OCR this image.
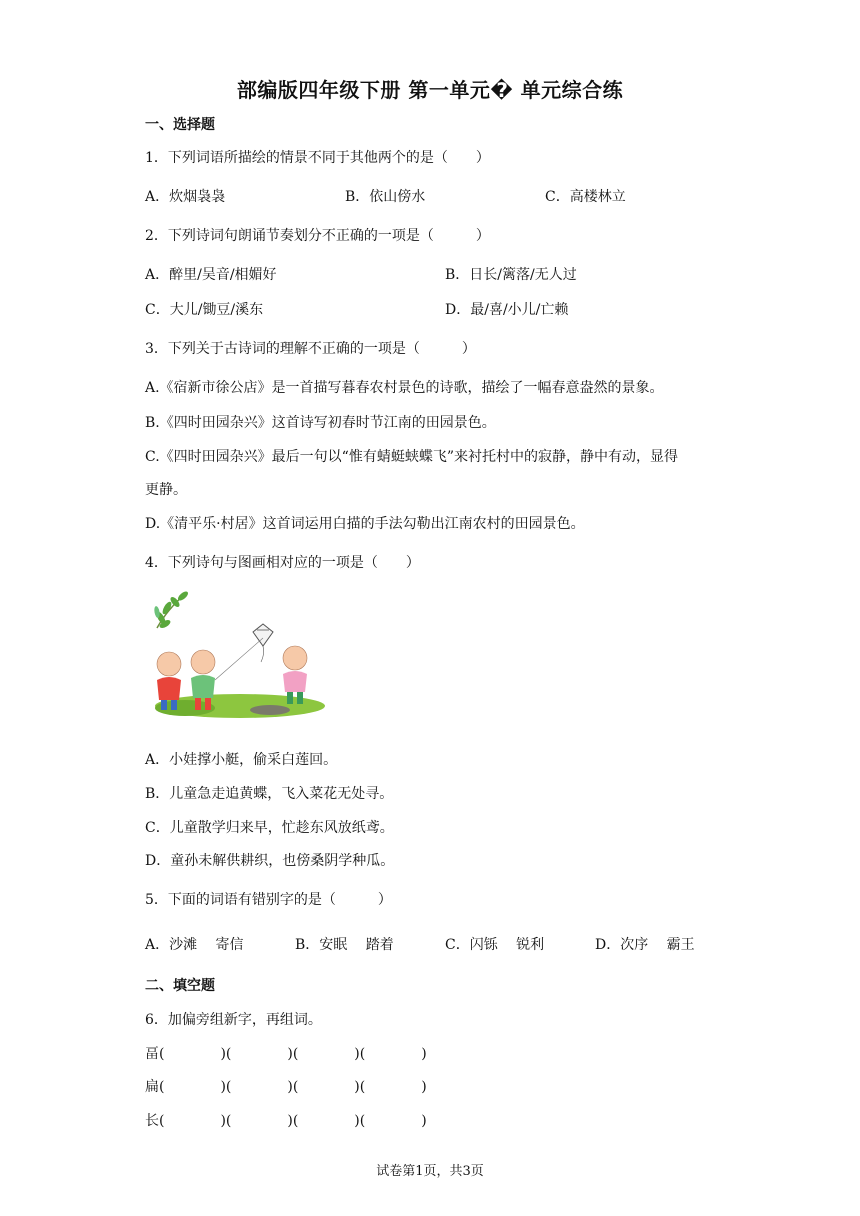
部编版四年级下册 第一单元� 单元综合练
一、选择题
1．下列词语所描绘的情景不同于其他两个的是（　　）
A．炊烟袅袅	B．依山傍水	C．高楼林立
2．下列诗词句朗诵节奏划分不正确的一项是（　　　）
A．醉里/吴音/相媚好	B．日长/篱落/无人过
C．大儿/锄豆/溪东	D．最/喜/小儿/亡赖
3．下列关于古诗词的理解不正确的一项是（　　　）
A.《宿新市徐公店》是一首描写暮春农村景色的诗歌，描绘了一幅春意盎然的景象。
B.《四时田园杂兴》这首诗写初春时节江南的田园景色。
C.《四时田园杂兴》最后一句以“惟有蜻蜓蛱蝶飞”来衬托村中的寂静，静中有动，显得
更静。
D.《清平乐·村居》这首词运用白描的手法勾勒出江南农村的田园景色。
4．下列诗句与图画相对应的一项是（　　）
A．小娃撑小艇，偷采白莲回。
B．儿童急走追黄蝶，飞入菜花无处寻。
C．儿童散学归来早，忙趁东风放纸鸢。
D．童孙未解供耕织，也傍桑阴学种瓜。
5．下面的词语有错别字的是（　　　）
A．沙滩　 寄信	B．安眠　 踏着	C．闪铄　 锐利	D．次序　 霸王
二、填空题
6．加偏旁组新字，再组词。
畐(　　　　)(　　　　)(　　　　)(　　　　)
扁(　　　　)(　　　　)(　　　　)(　　　　)
长(　　　　)(　　　　)(　　　　)(　　　　)
试卷第1页，共3页
